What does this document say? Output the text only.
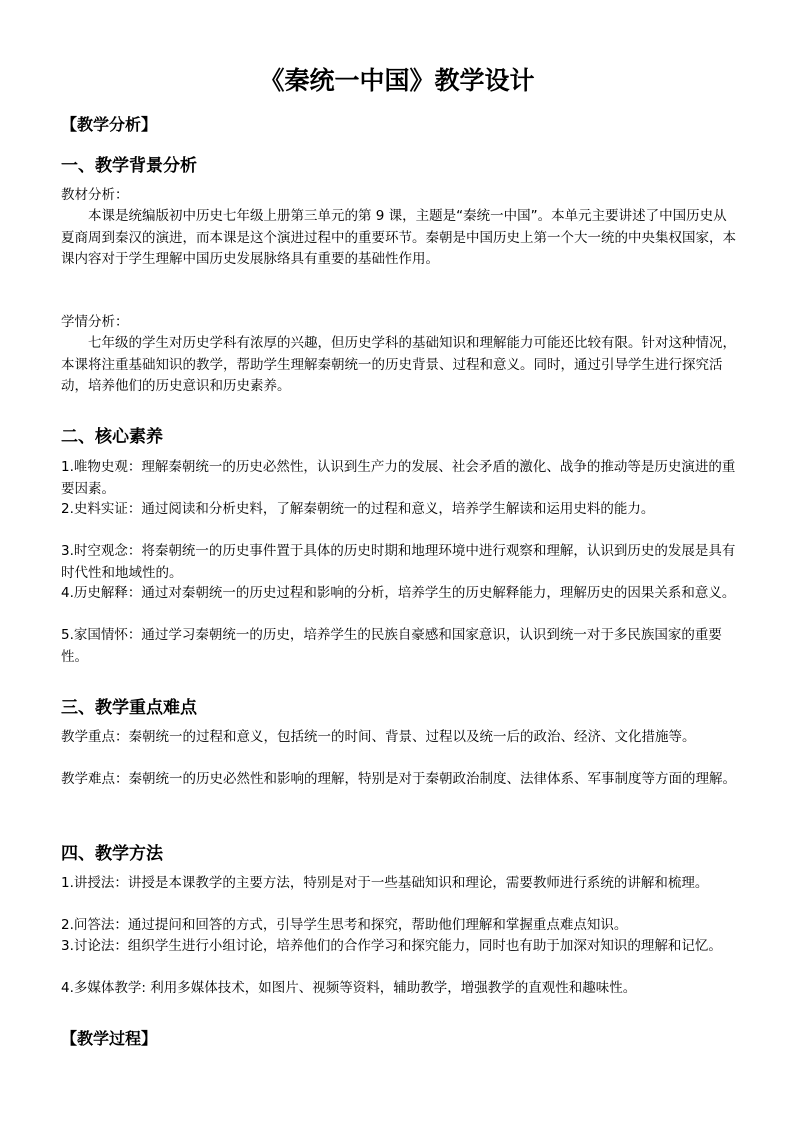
《秦统一中国》教学设计
【教学分析】
一、教学背景分析
教材分析：

本课是统编版初中历史七年级上册第三单元的第 9 课，主题是“秦统一中国”。本单元主要讲述了中国历史从夏商周到秦汉的演进，而本课是这个演进过程中的重要环节。秦朝是中国历史上第一个大一统的中央集权国家，本课内容对于学生理解中国历史发展脉络具有重要的基础性作用。

学情分析：

七年级的学生对历史学科有浓厚的兴趣，但历史学科的基础知识和理解能力可能还比较有限。针对这种情况，本课将注重基础知识的教学，帮助学生理解秦朝统一的历史背景、过程和意义。同时，通过引导学生进行探究活动，培养他们的历史意识和历史素养。

二、核心素养

1.唯物史观：理解秦朝统一的历史必然性，认识到生产力的发展、社会矛盾的激化、战争的推动等是历史演进的重要因素。

2.史料实证：通过阅读和分析史料，了解秦朝统一的过程和意义，培养学生解读和运用史料的能力。

3.时空观念：将秦朝统一的历史事件置于具体的历史时期和地理环境中进行观察和理解，认识到历史的发展是具有时代性和地域性的。

4.历史解释：通过对秦朝统一的历史过程和影响的分析，培养学生的历史解释能力，理解历史的因果关系和意义。

5.家国情怀：通过学习秦朝统一的历史，培养学生的民族自豪感和国家意识，认识到统一对于多民族国家的重要性。

三、教学重点难点

教学重点：秦朝统一的过程和意义，包括统一的时间、背景、过程以及统一后的政治、经济、文化措施等。

教学难点：秦朝统一的历史必然性和影响的理解，特别是对于秦朝政治制度、法律体系、军事制度等方面的理解。

四、教学方法

1.讲授法：讲授是本课教学的主要方法，特别是对于一些基础知识和理论，需要教师进行系统的讲解和梳理。

2.问答法：通过提问和回答的方式，引导学生思考和探究，帮助他们理解和掌握重点难点知识。

3.讨论法：组织学生进行小组讨论，培养他们的合作学习和探究能力，同时也有助于加深对知识的理解和记忆。

4.多媒体教学: 利用多媒体技术，如图片、视频等资料，辅助教学，增强教学的直观性和趣味性。

【教学过程】
